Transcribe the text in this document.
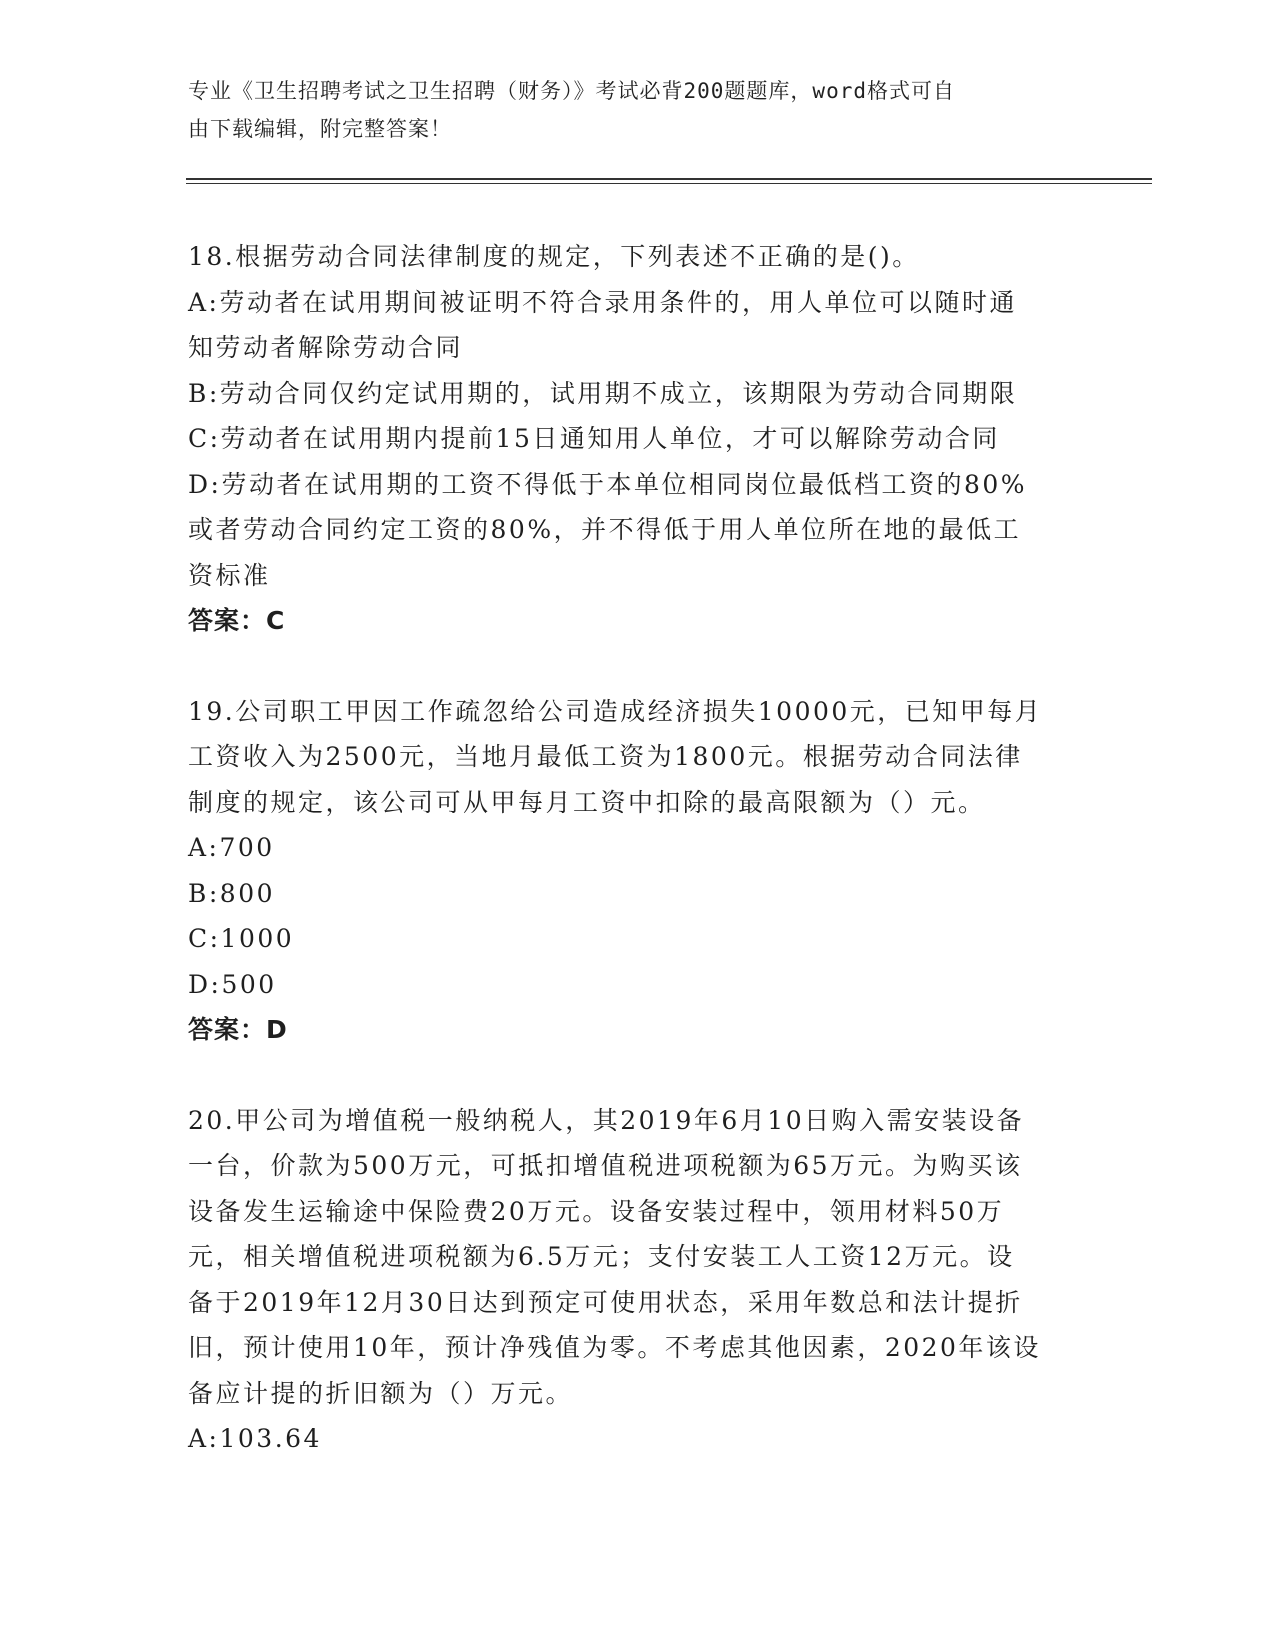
专业《卫生招聘考试之卫生招聘（财务）》考试必背200题题库，word格式可自
由下载编辑，附完整答案！
18.根据劳动合同法律制度的规定，下列表述不正确的是()。
A:劳动者在试用期间被证明不符合录用条件的，用人单位可以随时通
知劳动者解除劳动合同
B:劳动合同仅约定试用期的，试用期不成立，该期限为劳动合同期限
C:劳动者在试用期内提前15日通知用人单位，才可以解除劳动合同
D:劳动者在试用期的工资不得低于本单位相同岗位最低档工资的80%
或者劳动合同约定工资的80%，并不得低于用人单位所在地的最低工
资标准
答案：C
19.公司职工甲因工作疏忽给公司造成经济损失10000元，已知甲每月
工资收入为2500元，当地月最低工资为1800元。根据劳动合同法律
制度的规定，该公司可从甲每月工资中扣除的最高限额为（）元。
A:700
B:800
C:1000
D:500
答案：D
20.甲公司为增值税一般纳税人，其2019年6月10日购入需安装设备
一台，价款为500万元，可抵扣增值税进项税额为65万元。为购买该
设备发生运输途中保险费20万元。设备安装过程中，领用材料50万
元，相关增值税进项税额为6.5万元；支付安装工人工资12万元。设
备于2019年12月30日达到预定可使用状态，采用年数总和法计提折
旧，预计使用10年，预计净残值为零。不考虑其他因素，2020年该设
备应计提的折旧额为（）万元。
A:103.64
